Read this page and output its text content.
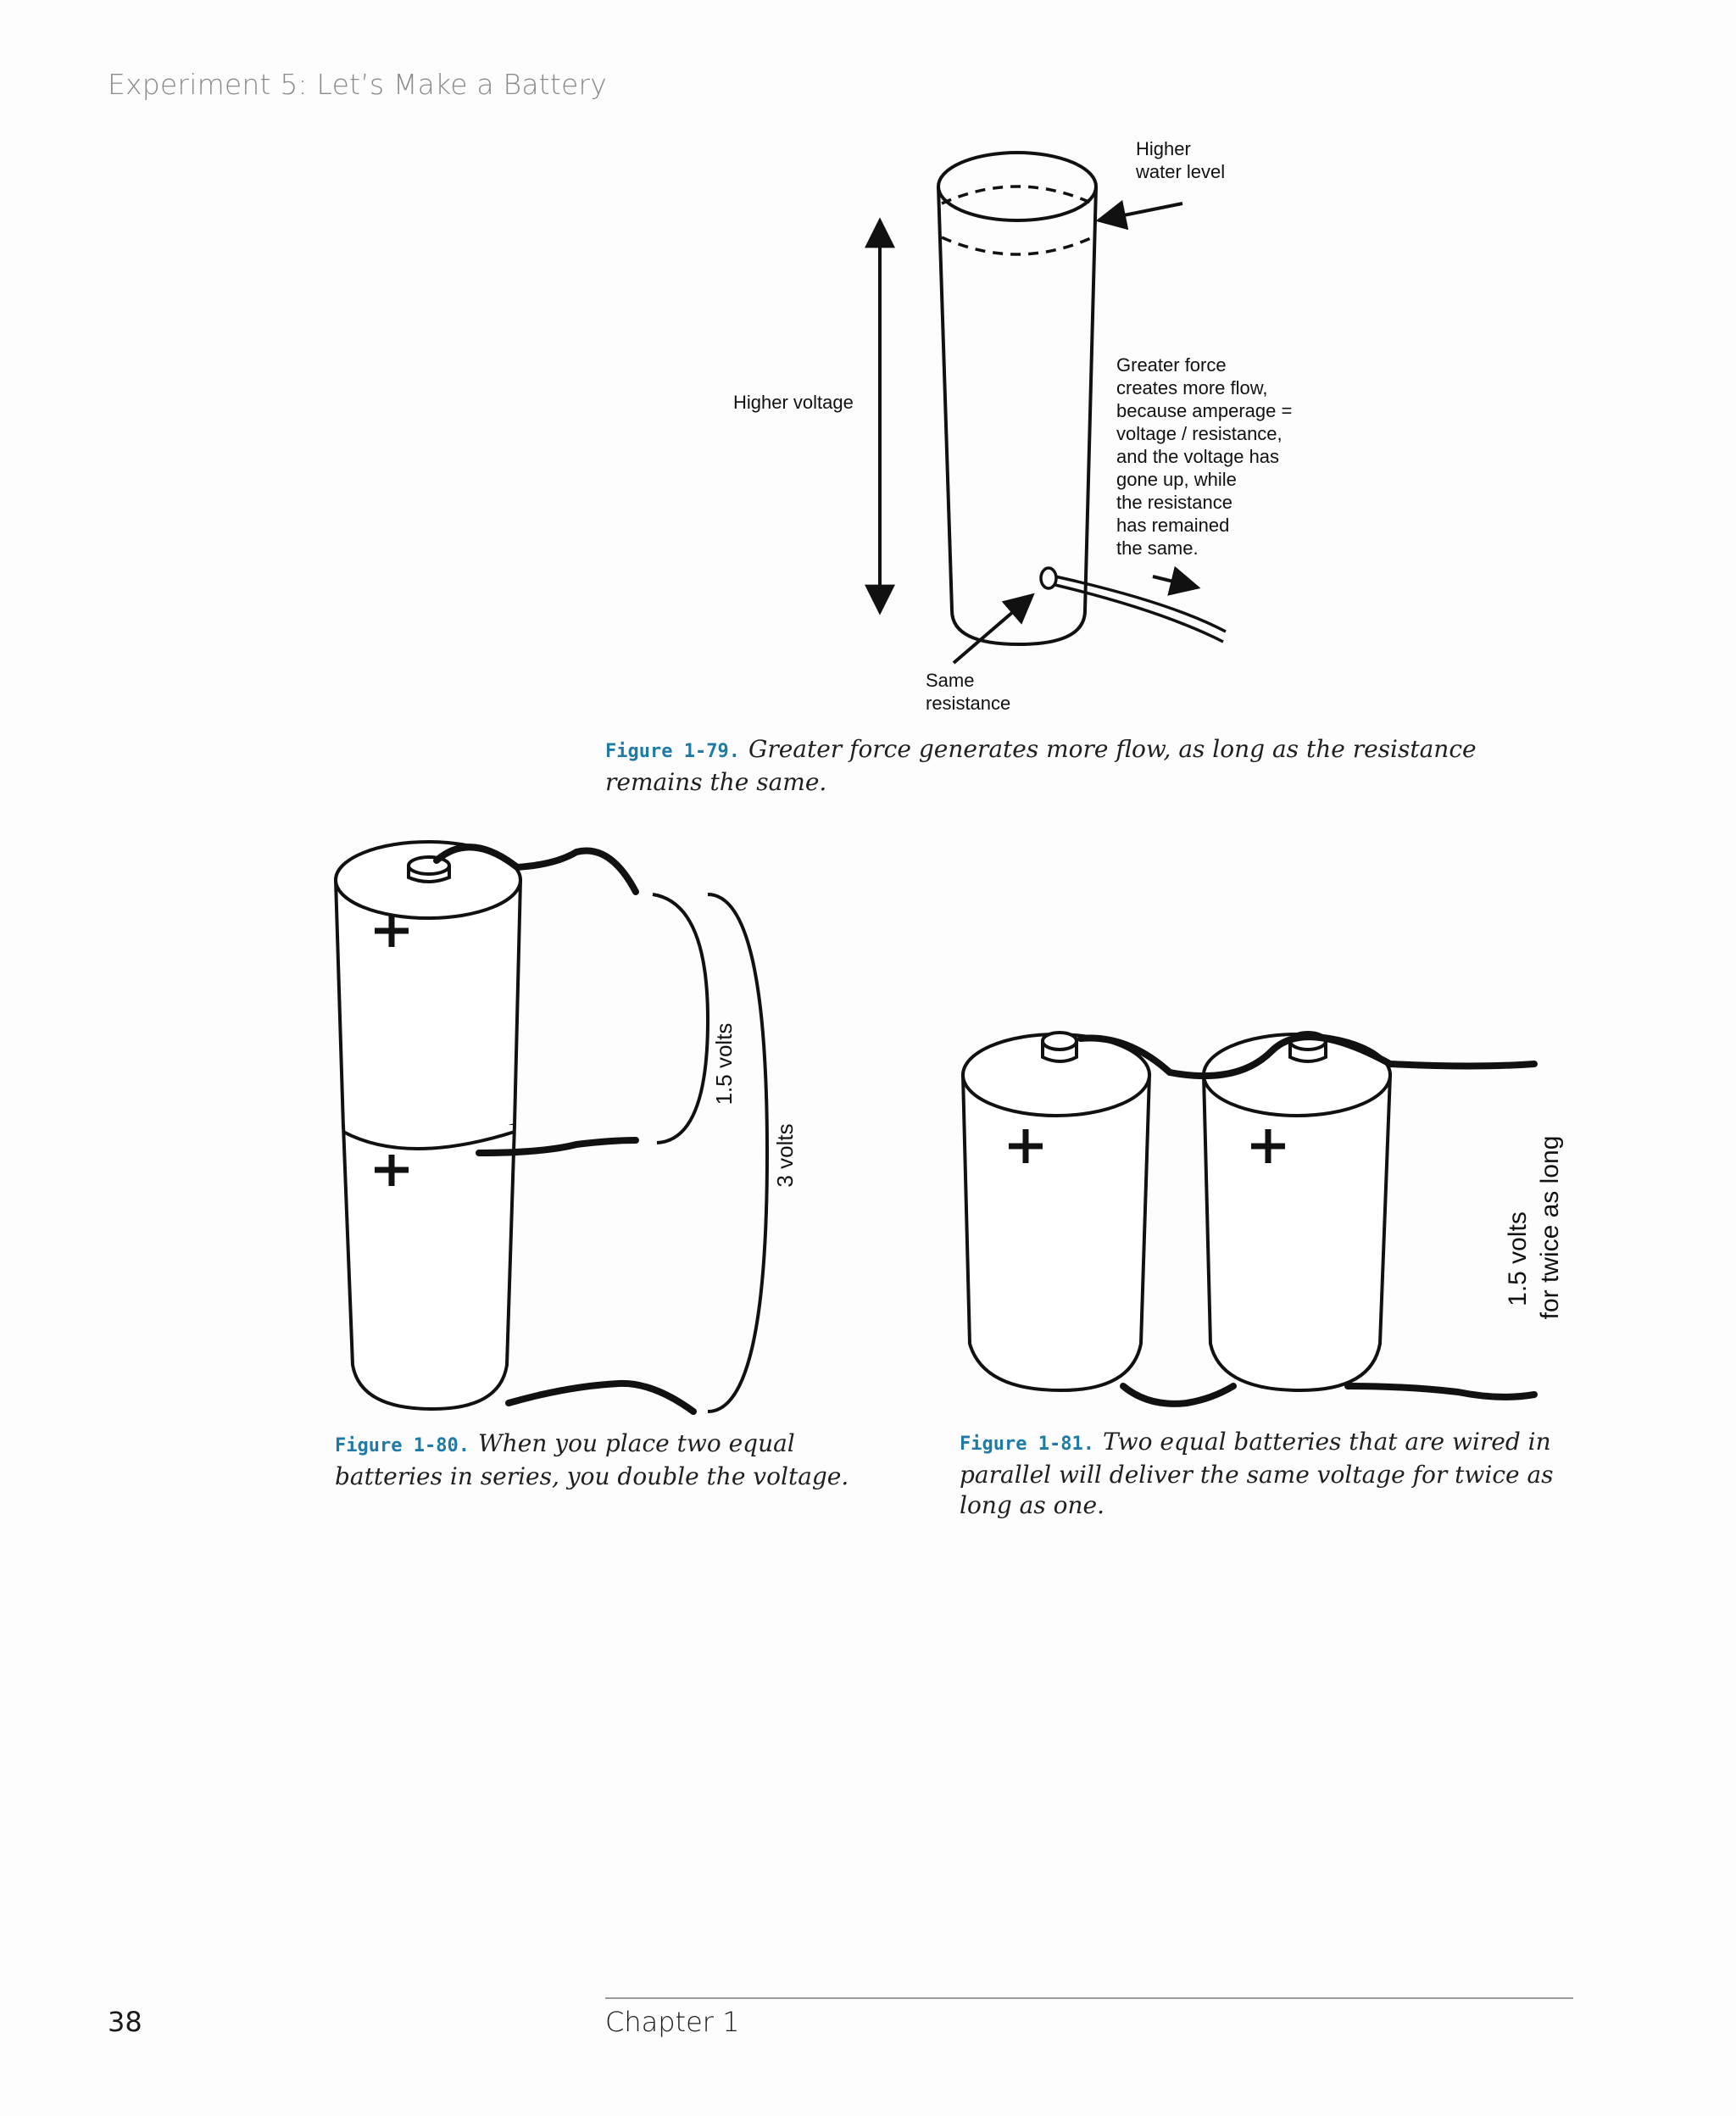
Experiment 5: Let’s Make a Battery
Higher
water level
Higher voltage
Greater force
creates more flow,
because amperage =
voltage / resistance,
and the voltage has
gone up, while
the resistance
has remained
the same.
Same
resistance
Figure 1-79. Greater force generates more flow, as long as the resistance remains the same.
1.5 volts
3 volts
Figure 1-80. When you place two equal batteries in series, you double the voltage.
1.5 volts for twice as long
Figure 1-81. Two equal batteries that are wired in parallel will deliver the same voltage for twice as long as one.
38	Chapter 1
